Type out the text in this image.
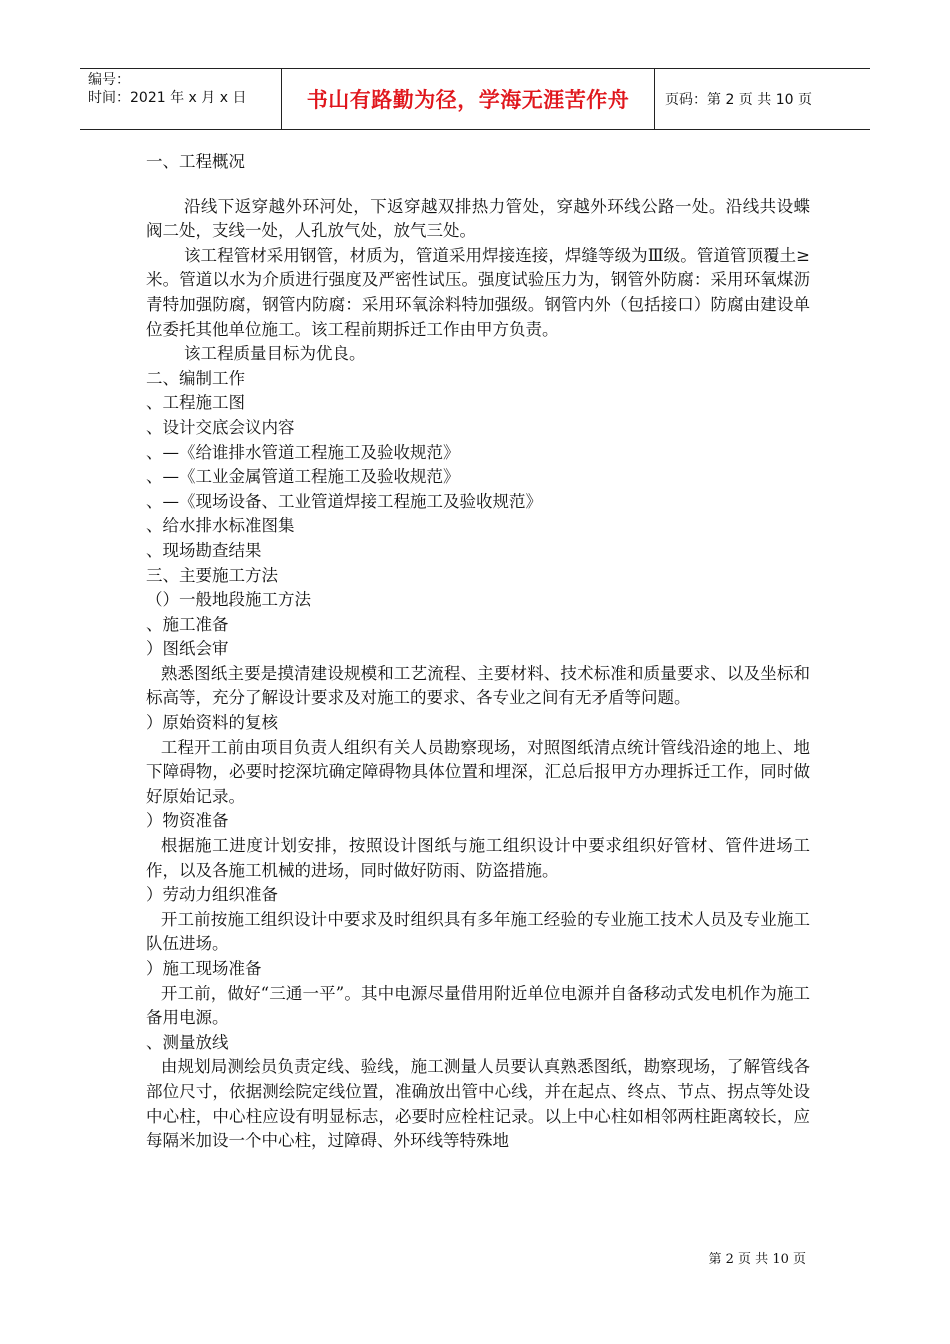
编号：
时间：2021 年 x 月 x 日	书山有路勤为径，学海无涯苦作舟	页码：第 2 页 共 10 页

一、工程概况

沿线下返穿越外环河处，下返穿越双排热力管处，穿越外环线公路一处。沿线共设蝶阀二处，支线一处，人孔放气处，放气三处。

该工程管材采用钢管，材质为，管道采用焊接连接，焊缝等级为Ⅲ级。管道管顶覆土≥米。管道以水为介质进行强度及严密性试压。强度试验压力为，钢管外防腐：采用环氧煤沥青特加强防腐，钢管内防腐：采用环氧涂料特加强级。钢管内外（包括接口）防腐由建设单位委托其他单位施工。该工程前期拆迁工作由甲方负责。

该工程质量目标为优良。

二、编制工作

、工程施工图

、设计交底会议内容

、—《给谁排水管道工程施工及验收规范》

、—《工业金属管道工程施工及验收规范》

、—《现场设备、工业管道焊接工程施工及验收规范》

、给水排水标准图集

、现场勘查结果

三、主要施工方法

（）一般地段施工方法

、施工准备

）图纸会审

熟悉图纸主要是摸清建设规模和工艺流程、主要材料、技术标准和质量要求、以及坐标和标高等，充分了解设计要求及对施工的要求、各专业之间有无矛盾等问题。

）原始资料的复核

工程开工前由项目负责人组织有关人员勘察现场，对照图纸清点统计管线沿途的地上、地下障碍物，必要时挖深坑确定障碍物具体位置和埋深，汇总后报甲方办理拆迁工作，同时做好原始记录。

）物资准备

根据施工进度计划安排，按照设计图纸与施工组织设计中要求组织好管材、管件进场工作，以及各施工机械的进场，同时做好防雨、防盗措施。

）劳动力组织准备

开工前按施工组织设计中要求及时组织具有多年施工经验的专业施工技术人员及专业施工队伍进场。

）施工现场准备

开工前，做好“三通一平”。其中电源尽量借用附近单位电源并自备移动式发电机作为施工备用电源。

、测量放线

由规划局测绘员负责定线、验线，施工测量人员要认真熟悉图纸，勘察现场，了解管线各部位尺寸，依据测绘院定线位置，准确放出管中心线，并在起点、终点、节点、拐点等处设中心柱，中心柱应设有明显标志，必要时应栓柱记录。以上中心柱如相邻两柱距离较长，应每隔米加设一个中心柱，过障碍、外环线等特殊地

第 2 页 共 10 页
